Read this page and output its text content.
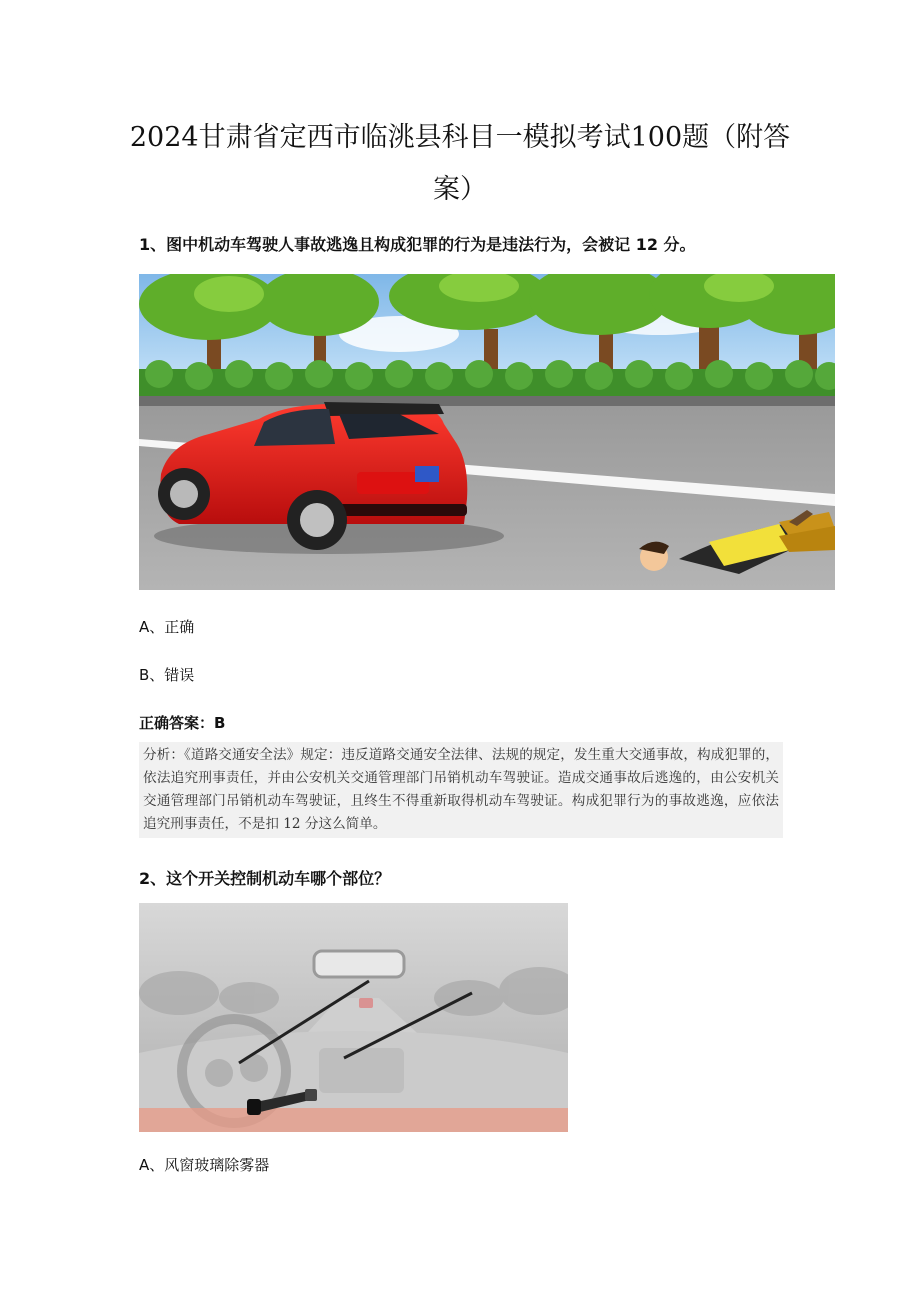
2024甘肃省定西市临洮县科目一模拟考试100题（附答案）
1、图中机动车驾驶人事故逃逸且构成犯罪的行为是违法行为，会被记 12 分。
A、正确
B、错误
正确答案：B
分析：《道路交通安全法》规定：违反道路交通安全法律、法规的规定，发生重大交通事故，构成犯罪的，依法追究刑事责任，并由公安机关交通管理部门吊销机动车驾驶证。造成交通事故后逃逸的，由公安机关交通管理部门吊销机动车驾驶证，且终生不得重新取得机动车驾驶证。构成犯罪行为的事故逃逸，应依法追究刑事责任，不是扣 12 分这么简单。
2、这个开关控制机动车哪个部位？
A、风窗玻璃除雾器
